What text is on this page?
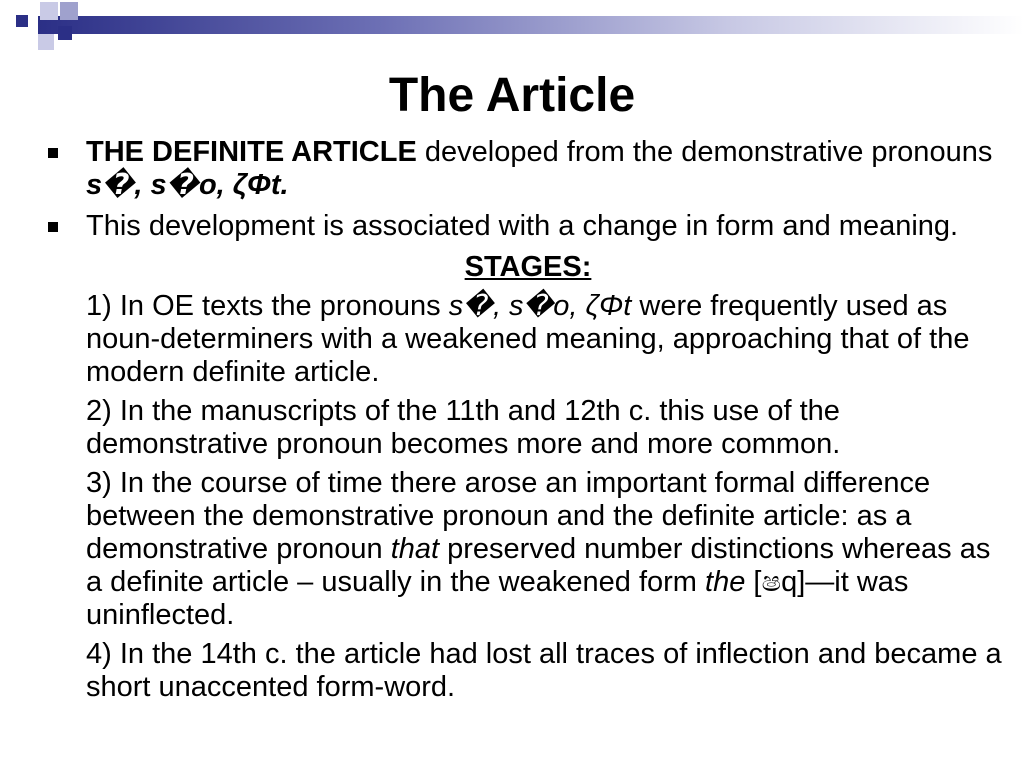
The Article
THE DEFINITE ARTICLE developed from the demonstrative pronouns s�, s�o, ζΦt.
This development is associated with a change in form and meaning.
STAGES:
1) In OE texts the pronouns s�, s�o, ζΦt were frequently used as noun-determiners with a weakened meaning, approaching that of the modern definite article.
2) In the manuscripts of the 11th and 12th c. this use of the demonstrative pronoun becomes more and more common.
3) In the course of time there arose an important formal difference between the demonstrative pronoun and the definite article: as a demonstrative pronoun that preserved number distinctions whereas as a definite article – usually in the weakened form the [ෂq]—it was uninflected.
4) In the 14th c. the article had lost all traces of inflection and became a short unaccented form-word.
